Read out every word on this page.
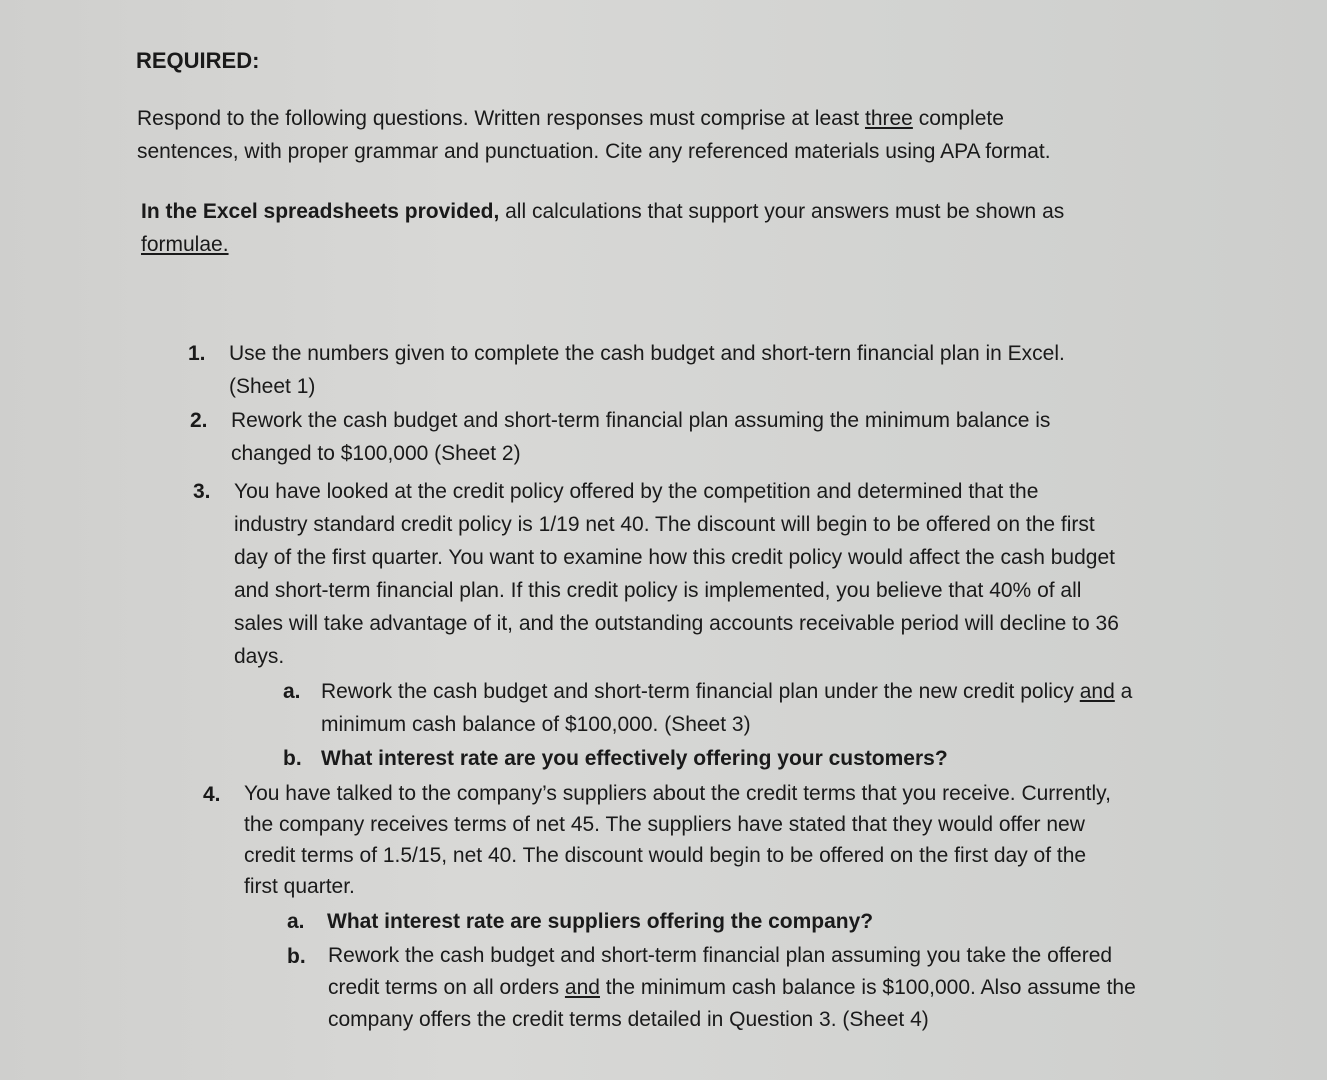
REQUIRED:
Respond to the following questions. Written responses must comprise at least three complete
sentences, with proper grammar and punctuation. Cite any referenced materials using APA format.
In the Excel spreadsheets provided, all calculations that support your answers must be shown as
formulae.
1. Use the numbers given to complete the cash budget and short-tern financial plan in Excel.
(Sheet 1)
2. Rework the cash budget and short-term financial plan assuming the minimum balance is
changed to $100,000 (Sheet 2)
3. You have looked at the credit policy offered by the competition and determined that the
industry standard credit policy is 1/19 net 40. The discount will begin to be offered on the first
day of the first quarter. You want to examine how this credit policy would affect the cash budget
and short-term financial plan. If this credit policy is implemented, you believe that 40% of all
sales will take advantage of it, and the outstanding accounts receivable period will decline to 36
days.
a. Rework the cash budget and short-term financial plan under the new credit policy and a
minimum cash balance of $100,000. (Sheet 3)
b. What interest rate are you effectively offering your customers?
4. You have talked to the company’s suppliers about the credit terms that you receive. Currently,
the company receives terms of net 45. The suppliers have stated that they would offer new
credit terms of 1.5/15, net 40. The discount would begin to be offered on the first day of the
first quarter.
a. What interest rate are suppliers offering the company?
b. Rework the cash budget and short-term financial plan assuming you take the offered
credit terms on all orders and the minimum cash balance is $100,000. Also assume the
company offers the credit terms detailed in Question 3. (Sheet 4)
